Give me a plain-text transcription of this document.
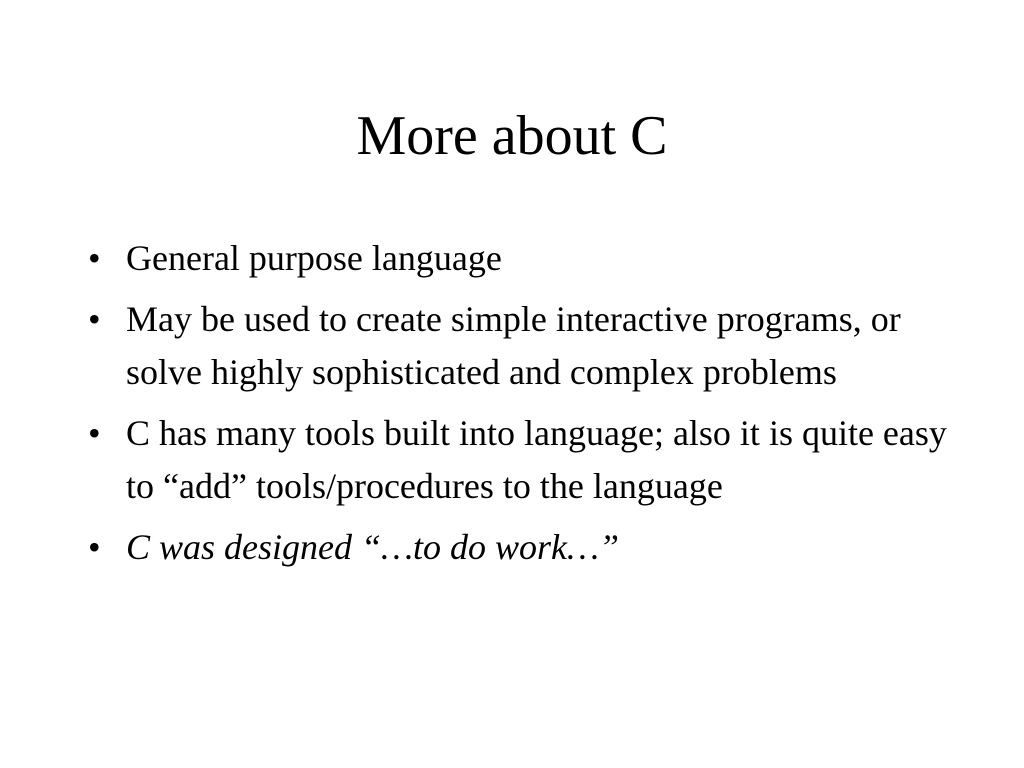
More about C
• General purpose language
• May be used to create simple interactive programs, or solve highly sophisticated and complex problems
• C has many tools built into language; also it is quite easy to “add” tools/procedures to the language
• C was designed “…to do work…”
